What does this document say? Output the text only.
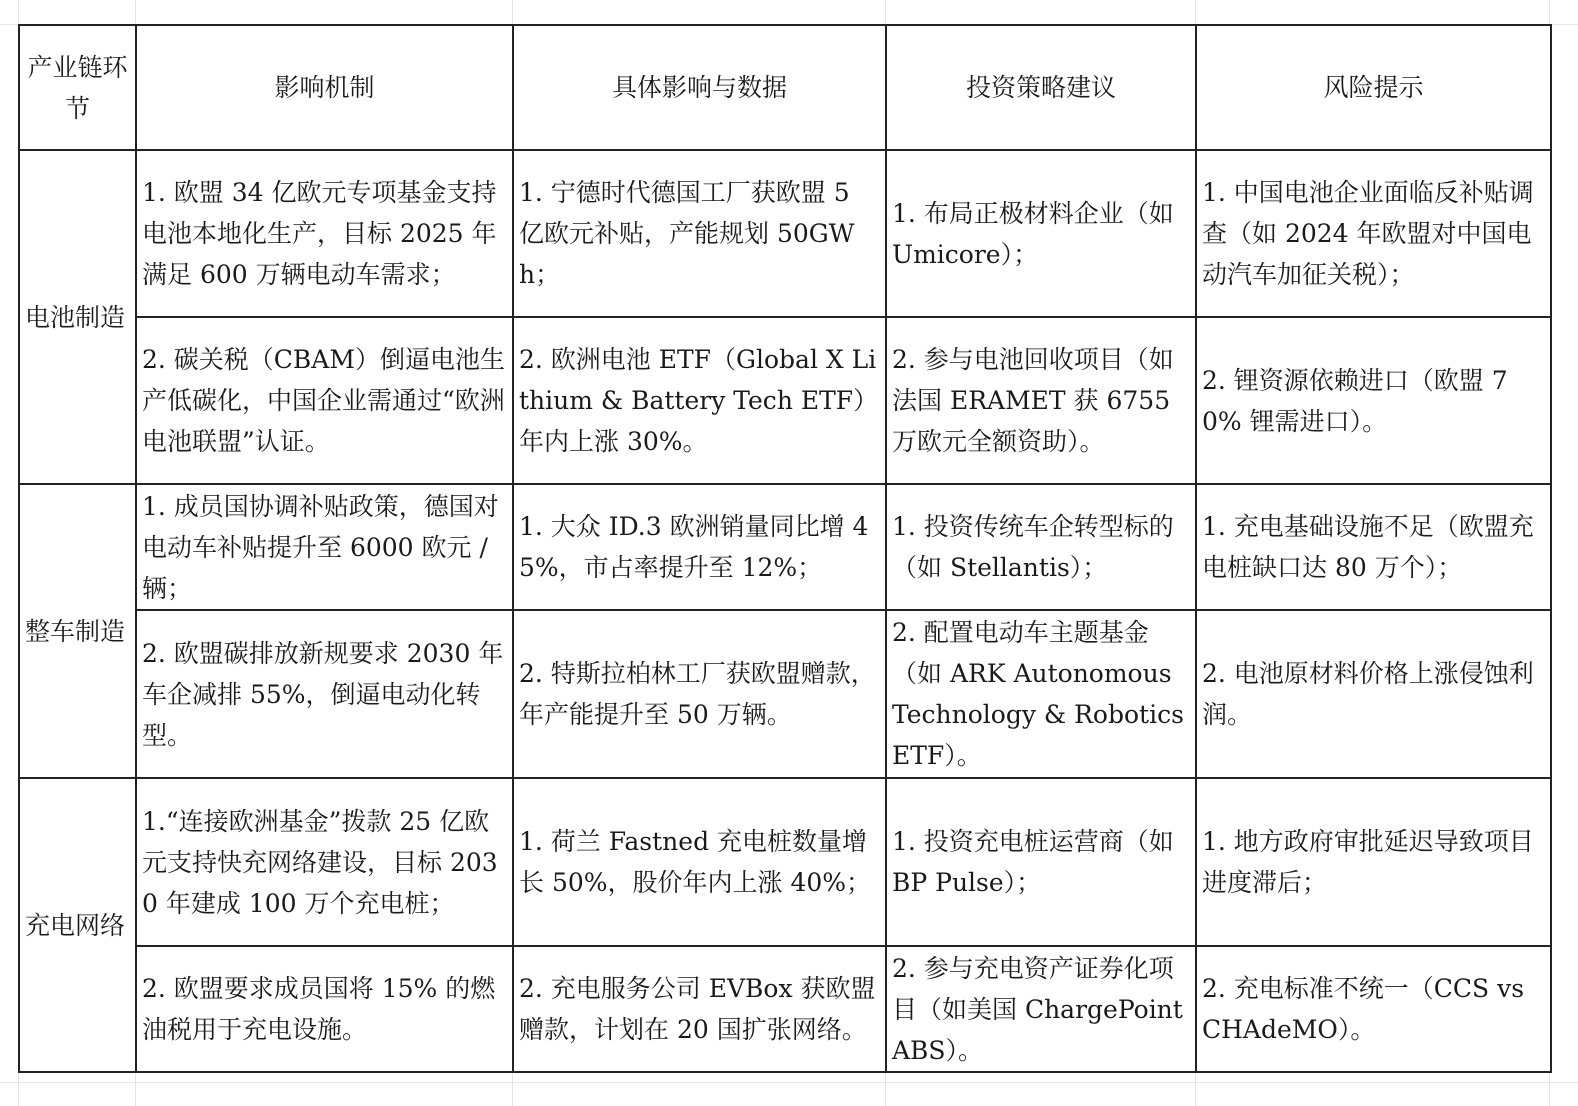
产业链环节	影响机制	具体影响与数据	投资策略建议	风险提示
电池制造	1. 欧盟 34 亿欧元专项基金支持电池本地化生产，目标 2025 年满足 600 万辆电动车需求；	1. 宁德时代德国工厂获欧盟 5 亿欧元补贴，产能规划 50GWh；	1. 布局正极材料企业（如 Umicore）；	1. 中国电池企业面临反补贴调查（如 2024 年欧盟对中国电动汽车加征关税）；
	2. 碳关税（CBAM）倒逼电池生产低碳化，中国企业需通过“欧洲电池联盟”认证。	2. 欧洲电池 ETF（Global X Lithium & Battery Tech ETF）年内上涨 30%。	2. 参与电池回收项目（如法国 ERAMET 获 6755 万欧元全额资助）。	2. 锂资源依赖进口（欧盟 70% 锂需进口）。
整车制造	1. 成员国协调补贴政策，德国对电动车补贴提升至 6000 欧元 / 辆；	1. 大众 ID.3 欧洲销量同比增 45%，市占率提升至 12%；	1. 投资传统车企转型标的（如 Stellantis）；	1. 充电基础设施不足（欧盟充电桩缺口达 80 万个）；
	2. 欧盟碳排放新规要求 2030 年车企减排 55%，倒逼电动化转型。	2. 特斯拉柏林工厂获欧盟赠款，年产能提升至 50 万辆。	2. 配置电动车主题基金（如 ARK Autonomous Technology & Robotics ETF）。	2. 电池原材料价格上涨侵蚀利润。
充电网络	1.“连接欧洲基金”拨款 25 亿欧元支持快充网络建设，目标 2030 年建成 100 万个充电桩；	1. 荷兰 Fastned 充电桩数量增长 50%，股价年内上涨 40%；	1. 投资充电桩运营商（如 BP Pulse）；	1. 地方政府审批延迟导致项目进度滞后；
	2. 欧盟要求成员国将 15% 的燃油税用于充电设施。	2. 充电服务公司 EVBox 获欧盟赠款，计划在 20 国扩张网络。	2. 参与充电资产证券化项目（如美国 ChargePoint ABS）。	2. 充电标准不统一（CCS vs CHAdeMO）。
